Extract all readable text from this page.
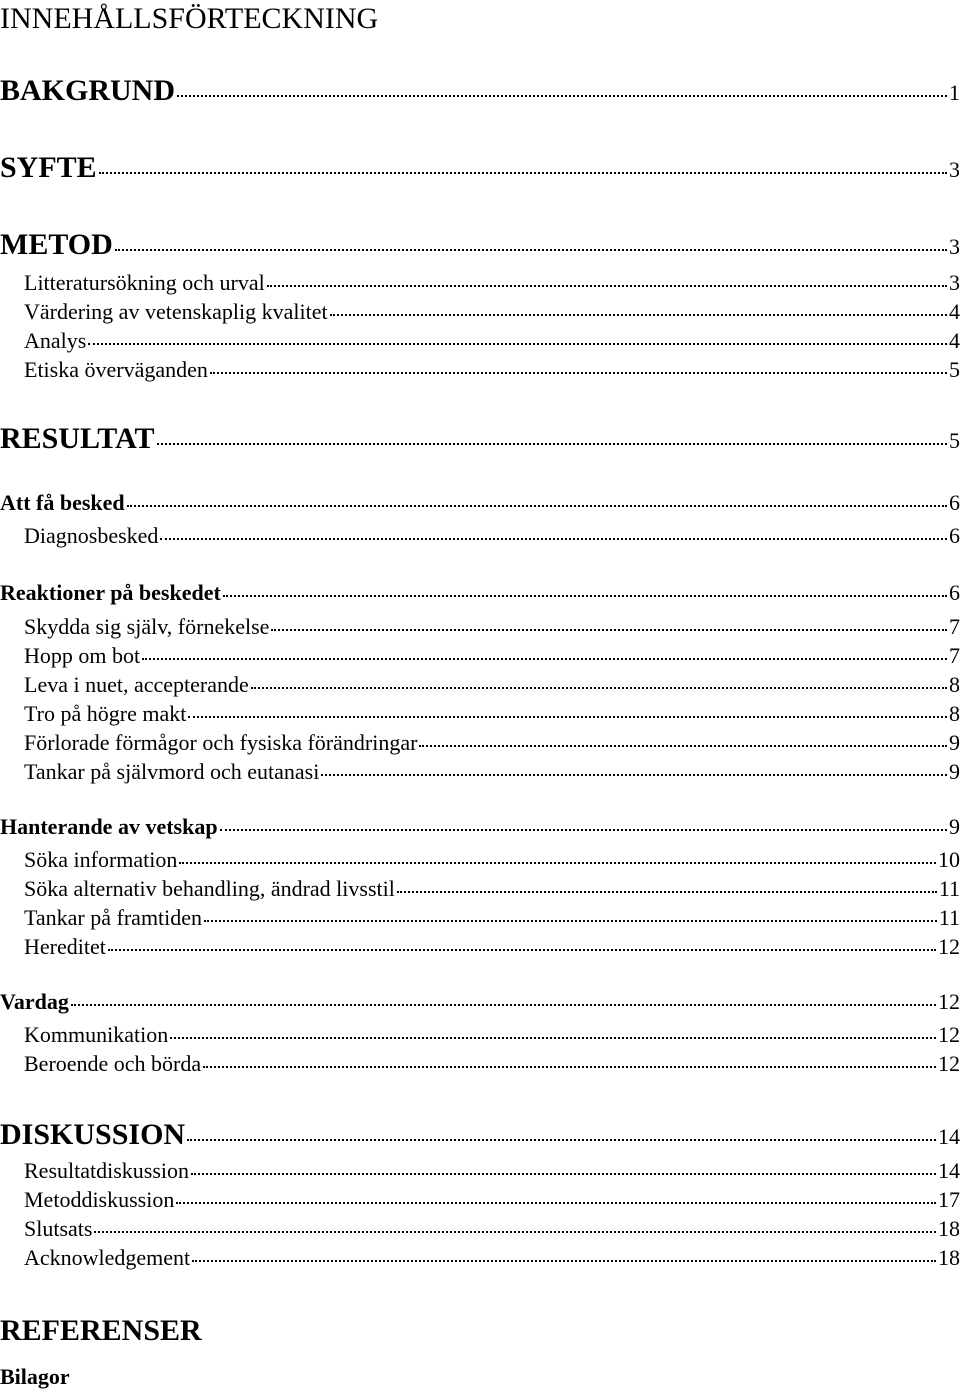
INNEHÅLLSFÖRTECKNING
BAKGRUND	1
SYFTE	3
METOD	3
Litteratursökning och urval	3
Värdering av vetenskaplig kvalitet	4
Analys	4
Etiska överväganden	5
RESULTAT	5
Att få besked	6
Diagnosbesked	6
Reaktioner på beskedet	6
Skydda sig själv, förnekelse	7
Hopp om bot	7
Leva i nuet, accepterande	8
Tro på högre makt	8
Förlorade förmågor och fysiska förändringar	9
Tankar på självmord och eutanasi	9
Hanterande av vetskap	9
Söka information	10
Söka alternativ behandling, ändrad livsstil	11
Tankar på framtiden	11
Hereditet	12
Vardag	12
Kommunikation	12
Beroende och börda	12
DISKUSSION	14
Resultatdiskussion	14
Metoddiskussion	17
Slutsats	18
Acknowledgement	18
REFERENSER
Bilagor
